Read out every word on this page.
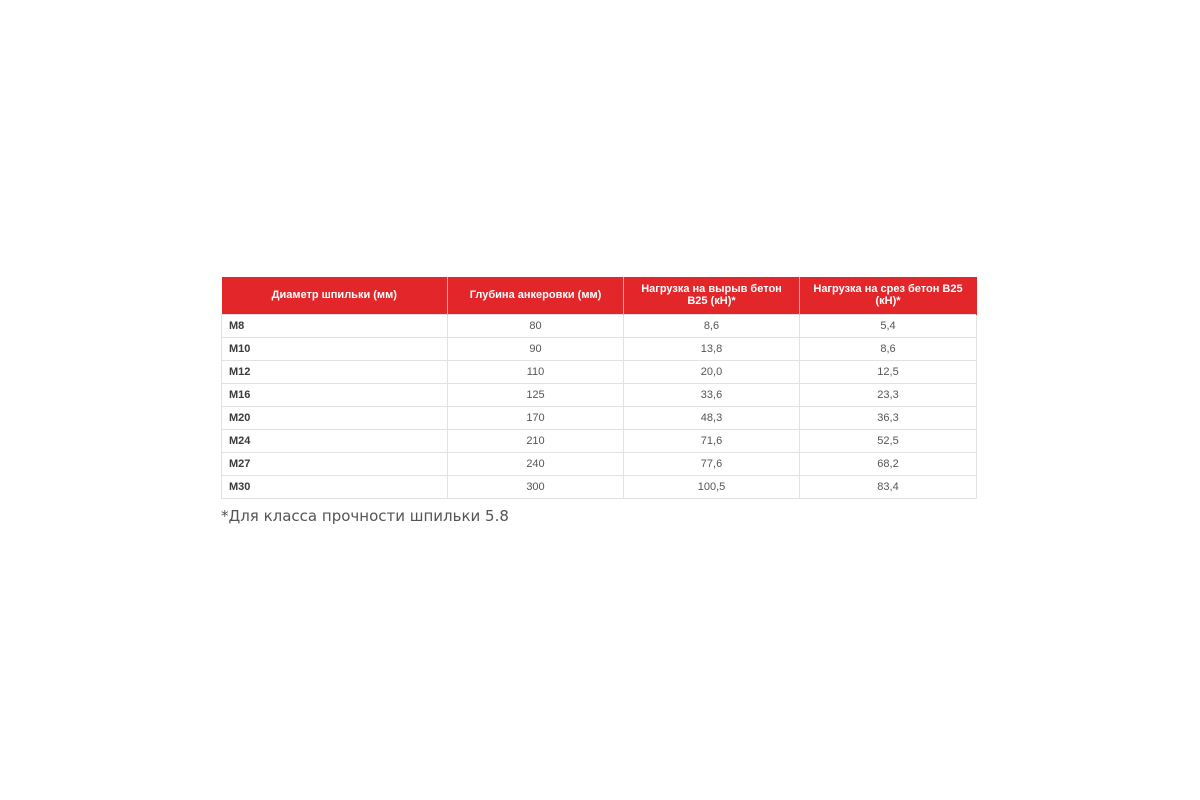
Диаметр шпильки (мм)	Глубина анкеровки (мм)	Нагрузка на вырыв бетон B25 (кН)*	Нагрузка на срез бетон B25 (кН)*
M8	80	8,6	5,4
M10	90	13,8	8,6
M12	110	20,0	12,5
M16	125	33,6	23,3
M20	170	48,3	36,3
M24	210	71,6	52,5
M27	240	77,6	68,2
M30	300	100,5	83,4
*Для класса прочности шпильки 5.8
